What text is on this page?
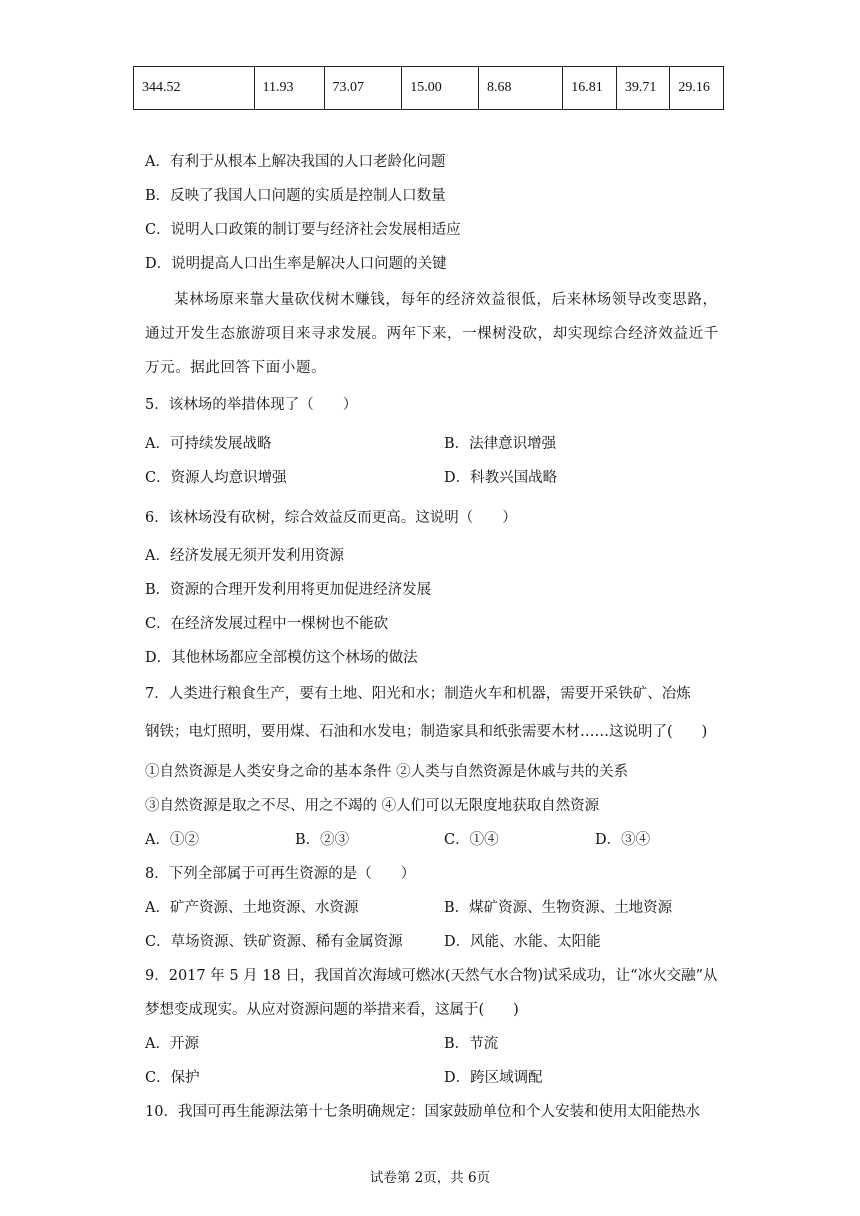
344.52	11.93	73.07	15.00	8.68	16.81	39.71	29.16
A．有利于从根本上解决我国的人口老龄化问题
B．反映了我国人口问题的实质是控制人口数量
C．说明人口政策的制订要与经济社会发展相适应
D．说明提高人口出生率是解决人口问题的关键
某林场原来靠大量砍伐树木赚钱，每年的经济效益很低，后来林场领导改变思路，
通过开发生态旅游项目来寻求发展。两年下来，一棵树没砍，却实现综合经济效益近千
万元。据此回答下面小题。
5．该林场的举措体现了（　　）
A．可持续发展战略	B．法律意识增强
C．资源人均意识增强	D．科教兴国战略
6．该林场没有砍树，综合效益反而更高。这说明（　　）
A．经济发展无须开发利用资源
B．资源的合理开发利用将更加促进经济发展
C．在经济发展过程中一棵树也不能砍
D．其他林场都应全部模仿这个林场的做法
7．人类进行粮食生产，要有土地、阳光和水；制造火车和机器，需要开采铁矿、冶炼
钢铁；电灯照明，要用煤、石油和水发电；制造家具和纸张需要木材……这说明了(　　)
①自然资源是人类安身之命的基本条件 ②人类与自然资源是休戚与共的关系
③自然资源是取之不尽、用之不竭的 ④人们可以无限度地获取自然资源
A．①②	B．②③	C．①④	D．③④
8．下列全部属于可再生资源的是（　　）
A．矿产资源、土地资源、水资源	B．煤矿资源、生物资源、土地资源
C．草场资源、铁矿资源、稀有金属资源	D．风能、水能、太阳能
9．2017 年 5 月 18 日，我国首次海域可燃冰(天然气水合物)试采成功，让“冰火交融”从
梦想变成现实。从应对资源问题的举措来看，这属于(　　)
A．开源	B．节流
C．保护	D．跨区域调配
10．我国可再生能源法第十七条明确规定：国家鼓励单位和个人安装和使用太阳能热水
试卷第 2页，共 6页
